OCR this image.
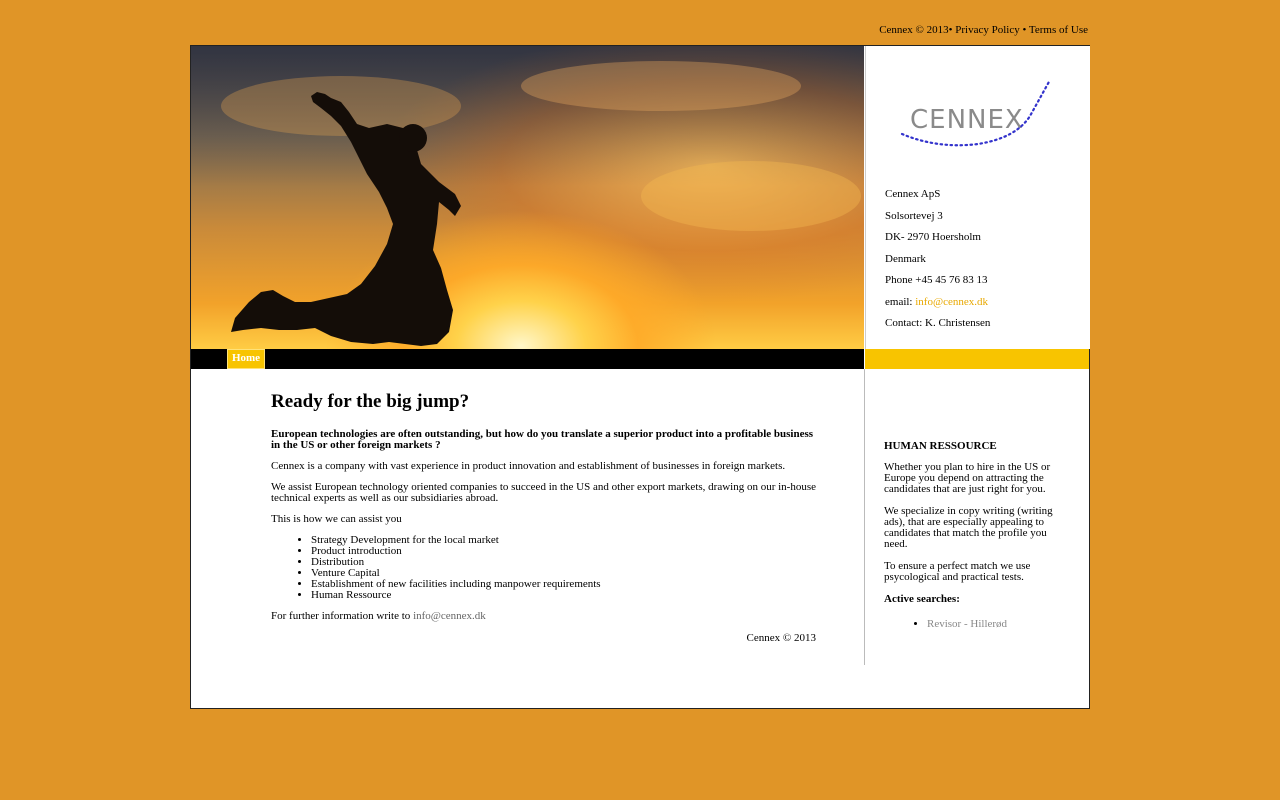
Cennex © 2013• Privacy Policy • Terms of Use
CENNEX

Cennex ApS

Solsortevej 3

DK- 2970 Hoersholm

Denmark

Phone +45 45 76 83 13

email: info@cennex.dk

Contact: K. Christensen

Home
Ready for the big jump?

European technologies are often outstanding, but how do you translate a superior product into a profitable business in the US or other foreign markets ?

Cennex is a company with vast experience in product innovation and establishment of businesses in foreign markets.

We assist European technology oriented companies to succeed in the US and other export markets, drawing on our in-house technical experts as well as our subsidiaries abroad.

This is how we can assist you

• Strategy Development for the local market
• Product introduction
• Distribution
• Venture Capital
• Establishment of new facilities including manpower requirements
• Human Ressource

For further information write to info@cennex.dk

Cennex © 2013

HUMAN RESSOURCE

Whether you plan to hire in the US or Europe you depend on attracting the candidates that are just right for you.

We specialize in copy writing (writing ads), that are especially appealing to candidates that match the profile you need.

To ensure a perfect match we use psycological and practical tests.

Active searches:

• Revisor - Hillerød
